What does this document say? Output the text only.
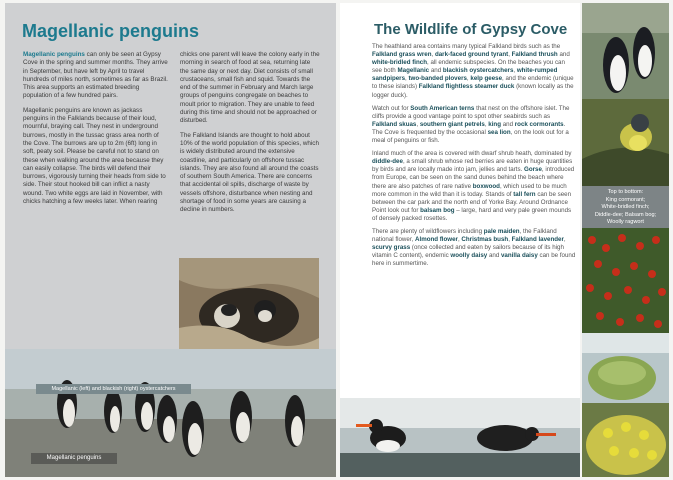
Magellanic penguins

Magellanic penguins can only be seen at Gypsy Cove in the spring and summer months. They arrive in September, but have left by April to travel hundreds of miles north, sometimes as far as Brazil. This area supports an estimated breeding population of a few hundred pairs.

Magellanic penguins are known as jackass penguins in the Falklands because of their loud, mournful, braying call. They nest in underground burrows, mostly in the tussac grass area north of the Cove. The burrows are up to 2m (6ft) long in soft, peaty soil. Please be careful not to stand on these when walking around the area because they can easily collapse. The birds will defend their burrows, vigorously turning their heads from side to side. Their stout hooked bill can inflict a nasty wound. Two white eggs are laid in November, with chicks hatching a few weeks later. When rearing

chicks one parent will leave the colony early in the morning in search of food at sea, returning late the same day or next day. Diet consists of small crustaceans, small fish and squid. Towards the end of the summer in February and March large groups of penguins congregate on beaches to moult prior to migration. They are unable to feed during this time and should not be approached or disturbed.

The Falkland Islands are thought to hold about 10% of the world population of this species, which is widely distributed around the extensive coastline, and particularly on offshore tussac islands. They are also found all around the coasts of southern South America. There are concerns that accidental oil spills, discharge of waste by vessels offshore, disturbance when nesting and shortage of food in some years are causing a decline in numbers.

Magellanic penguins
The Wildlife of Gypsy Cove

The heathland area contains many typical Falkland birds such as the Falkland grass wren, dark-faced ground tyrant, Falkland thrush and white-bridled finch, all endemic subspecies. On the beaches you can see both Magellanic and blackish oystercatchers, white-rumped sandpipers, two-banded plovers, kelp geese, and the endemic (unique to these islands) Falkland flightless steamer duck (known locally as the logger duck).

Watch out for South American terns that nest on the offshore islet. The cliffs provide a good vantage point to spot other seabirds such as Falkland skuas, southern giant petrels, king and rock cormorants. The Cove is frequented by the occasional sea lion, on the look out for a meal of penguins or fish.

Inland much of the area is covered with dwarf shrub heath, dominated by diddle-dee, a small shrub whose red berries are eaten in huge quantities by birds and are locally made into jam, jellies and tarts. Gorse, introduced from Europe, can be seen on the sand dunes behind the beach where there are also patches of rare native boxwood, which used to be much more common in the wild than it is today. Stands of tall fern can be seen between the car park and the north end of Yorke Bay. Around Ordnance Point look out for balsam bog – large, hard and very pale green mounds of densely packed rosettes.

There are plenty of wildflowers including pale maiden, the Falkland national flower, Almond flower, Christmas bush, Falkland lavender, scurvy grass (once collected and eaten by sailors because of its high vitamin C content), endemic woolly daisy and vanilla daisy can be found here in summertime.

Magellanic (left) and blackish (right) oystercatchers
Top to bottom:
King cormorant;
White-bridled finch;
Diddle-dee; Balsam bog;
Woolly ragwort
